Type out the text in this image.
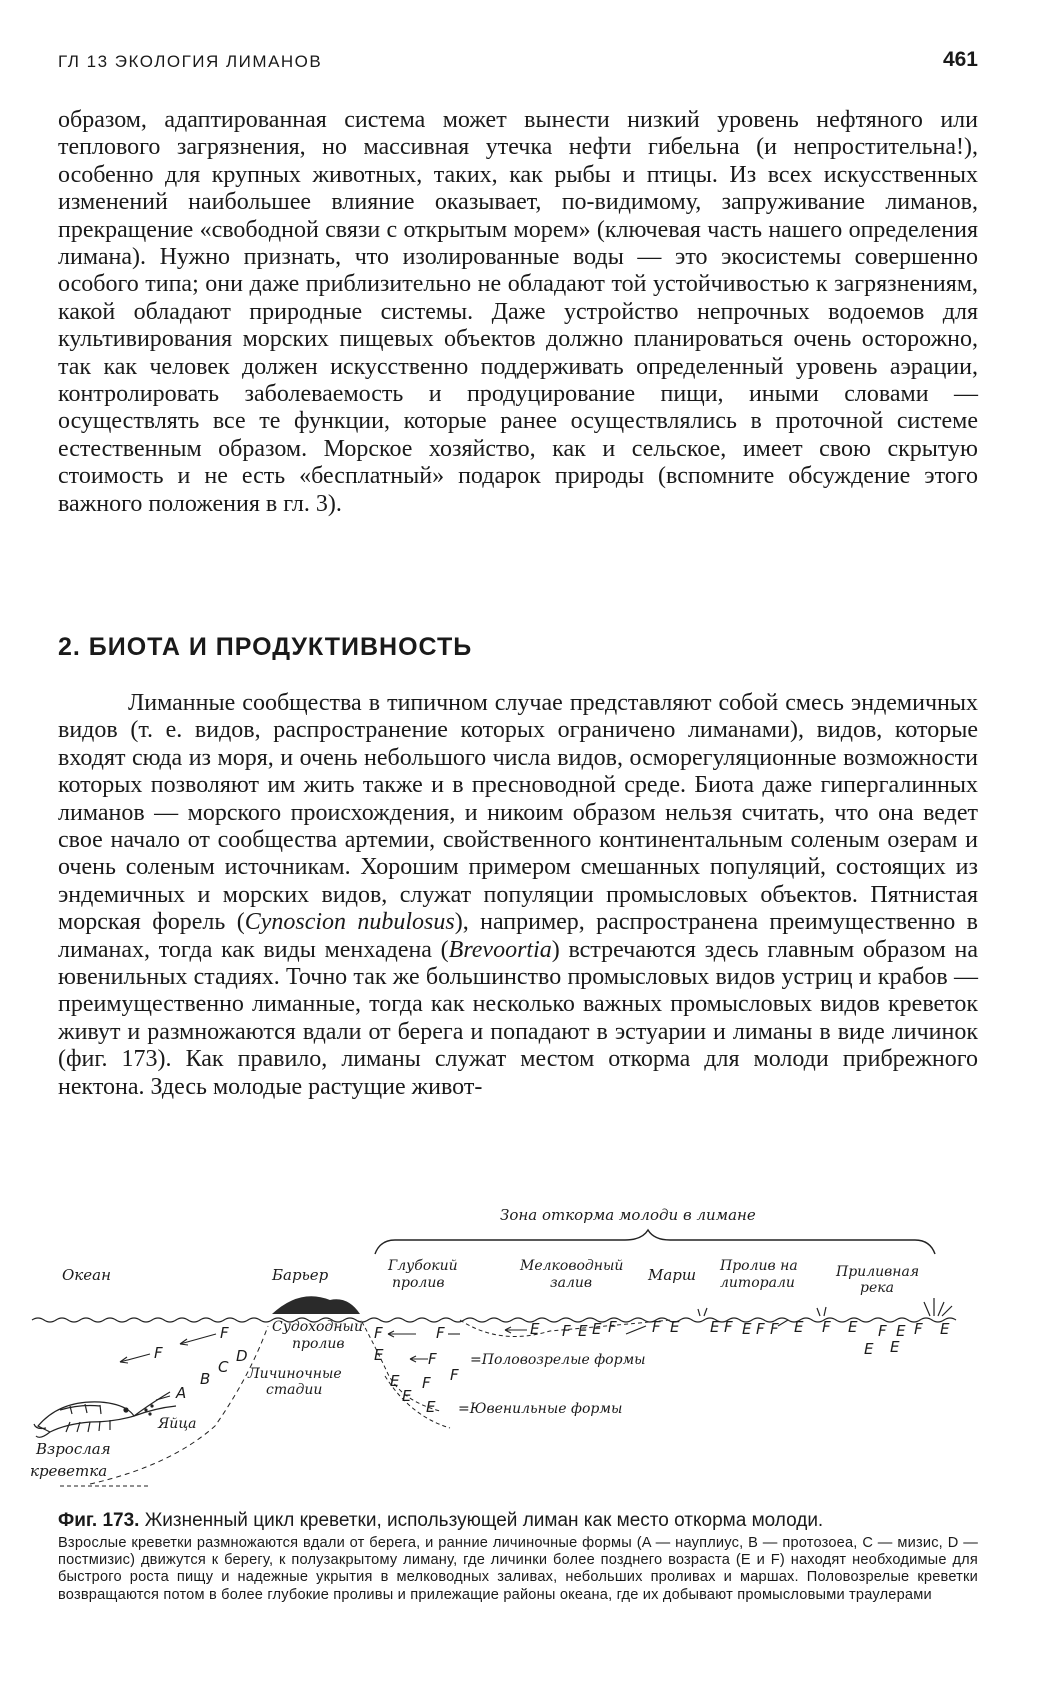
ГЛ 13 ЭКОЛОГИЯ ЛИМАНОВ	461

образом, адаптированная система может вынести низкий уровень нефтяного или теплового загрязнения, но массивная утечка нефти гибельна (и непростительна!), особенно для крупных животных, таких, как рыбы и птицы. Из всех искусственных изменений наибольшее влияние оказывает, по-видимому, запруживание лиманов, прекращение «свободной связи с открытым морем» (ключевая часть нашего определения лимана). Нужно признать, что изолированные воды — это экосистемы совершенно особого типа; они даже приблизительно не обладают той устойчивостью к загрязнениям, какой обладают природные системы. Даже устройство непрочных водоемов для культивирования морских пищевых объектов должно планироваться очень осторожно, так как человек должен искусственно поддерживать определенный уровень аэрации, контролировать заболеваемость и продуцирование пищи, иными словами — осуществлять все те функции, которые ранее осуществлялись в проточной системе естественным образом. Морское хозяйство, как и сельское, имеет свою скрытую стоимость и не есть «бесплатный» подарок природы (вспомните обсуждение этого важного положения в гл. 3).

2. БИОТА И ПРОДУКТИВНОСТЬ

Лиманные сообщества в типичном случае представляют собой смесь эндемичных видов (т. е. видов, распространение которых ограничено лиманами), видов, которые входят сюда из моря, и очень небольшого числа видов, осморегуляционные возможности которых позволяют им жить также и в пресноводной среде. Биота даже гипергалинных лиманов — морского происхождения, и никоим образом нельзя считать, что она ведет свое начало от сообщества артемии, свойственного континентальным соленым озерам и очень соленым источникам. Хорошим примером смешанных популяций, состоящих из эндемичных и морских видов, служат популяции промысловых объектов. Пятнистая морская форель (Cynoscion nubulosus), например, распространена преимущественно в лиманах, тогда как виды менхадена (Brevoortia) встречаются здесь главным образом на ювенильных стадиях. Точно так же большинство промысловых видов устриц и крабов — преимущественно лиманные, тогда как несколько важных промысловых видов креветок живут и размножаются вдали от берега и попадают в эстуарии и лиманы в виде личинок (фиг. 173). Как правило, лиманы служат местом откорма для молоди прибрежного нектона. Здесь молодые растущие живот-

Зона откорма молоди в лимане
Океан	Барьер	Глубокий
пролив
Мелководный
залив	Марш Пролив на
литорали
Приливная
река
F
F	D
C
B
A
F	F
E	F
E F
E
F
E
E F E E F F E E F E F F E F E F E F E
E E
Судоходный
пролив
Личиночные
стадии
Яйца
Взрослая
креветка
=Половозрелые формы
=Ювенильные формы

Фиг. 173. Жизненный цикл креветки, использующей лиман как место откорма молоди.

Взрослые креветки размножаются вдали от берега, и ранние личиночные формы (A — науплиус, B — протозоеа, C — мизис, D — постмизис) движутся к берегу, к полузакрытому лиману, где личинки более позднего возраста (E и F) находят необходимые для быстрого роста пищу и надежные укрытия в мелководных заливах, небольших проливах и маршах. Половозрелые креветки возвращаются потом в более глубокие проливы и прилежащие районы океана, где их добывают промысловыми траулерами
